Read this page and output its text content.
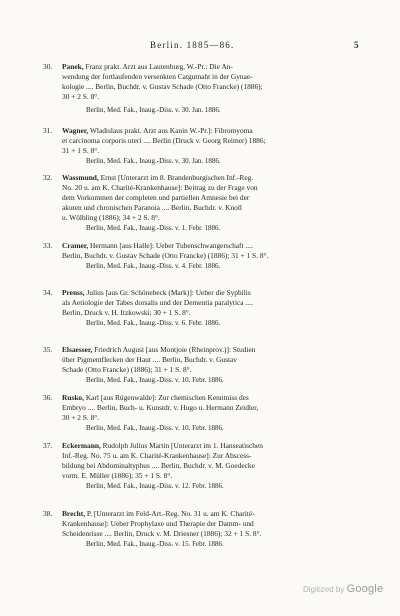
Berlin. 1885—86.	5
30. Panek, Franz prakt. Arzt aus Lautenburg, W.-Pr.: Die An-
wendung der fortlaufenden versenkten Catgutnaht in der Gynae-
kologie .... Berlin, Buchdr. v. Gustav Schade (Otto Francke) (1886);
30 + 2 S. 8°.
Berlin, Med. Fak., Inaug.-Diss. v. 30. Jan. 1886.
31. Wagner, Wladislaus prakt. Arzt aus Kanin W.-Pr.]: Fibromyoma
et carcinoma corporis uteri .... Berlin (Druck v. Georg Reimer) 1886;
31 + 1 S. 8°.
Berlin, Med. Fak., Inaug.-Diss. v. 30. Jan. 1886.
32. Wassmund, Ernst [Unterarzt im 8. Brandenburgischen Inf.-Reg.
No. 20 u. am K. Charité-Krankenhause]: Beitrag zu der Frage von
dem Vorkommen der completen und partiellen Amnesie bei der
akuten und chronischen Paranoia .... Berlin, Buchdr. v. Knoll
u. Wölbling (1886); 34 + 2 S. 8°.
Berlin, Med. Fak., Inaug.-Diss. v. 1. Febr. 1886.
33. Cramer, Hermann [aus Halle]: Ueber Tubenschwangerschaft ....
Berlin, Buchdr. v. Gustav Schade (Otto Francke) (1886); 31 + 1 S. 8°.
Berlin, Med. Fak., Inaug.-Diss. v. 4. Febr. 1886.
34. Prenss, Julius [aus Gr. Schönebeck (Mark)]: Ueber die Syphilis
als Aetiologie der Tabes dorsalis und der Dementia paralytica ....
Berlin, Druck v. H. Itzkowski; 30 + 1 S. 8°.
Berlin, Med. Fak., Inaug.-Diss. v. 6. Febr. 1886.
35. Elsaesser, Friedrich August [aus Montjoie (Rheinprov.)]: Studien
über Pigmentflecken der Haut .... Berlin, Buchdr. v. Gustav
Schade (Otto Francke) (1886); 31 + 1 S. 8°.
Berlin, Med. Fak., Inaug.-Diss. v. 10. Febr. 1886.
36. Rusko, Karl [aus Rügenwalde]: Zur chemischen Kenntniss des
Embryo .... Berlin, Buch- u. Kunstdr. v. Hugo u. Hermann Zeidler,
30 + 2 S. 8°.
Berlin, Med. Fak., Inaug.-Diss. v. 10. Febr. 1886.
37. Eckermann, Rudolph Julius Martin [Unterarzt im 1. Hanseatischen
Inf.-Reg. No. 75 u. am K. Charité-Krankenhause]: Zur Abscess-
bildung bei Abdominaltyphus .... Berlin, Buchdr. v. M. Goedecke
vorm. E. Müller (1886); 35 + 1 S. 8°.
Berlin, Med. Fak., Inaug.-Diss. v. 12. Febr. 1886.
38. Brecht, P. [Unterarzt im Feld-Art.-Reg. No. 31 u. am K. Charité-
Krankenhause]: Ueber Prophylaxe und Therapie der Damm- und
Scheidenrisse .... Berlin, Druck v. M. Driesner (1886); 32 + 1 S. 8°.
Berlin, Med. Fak., Inaug.-Diss. v. 15. Febr. 1886.
Digitized by Google
